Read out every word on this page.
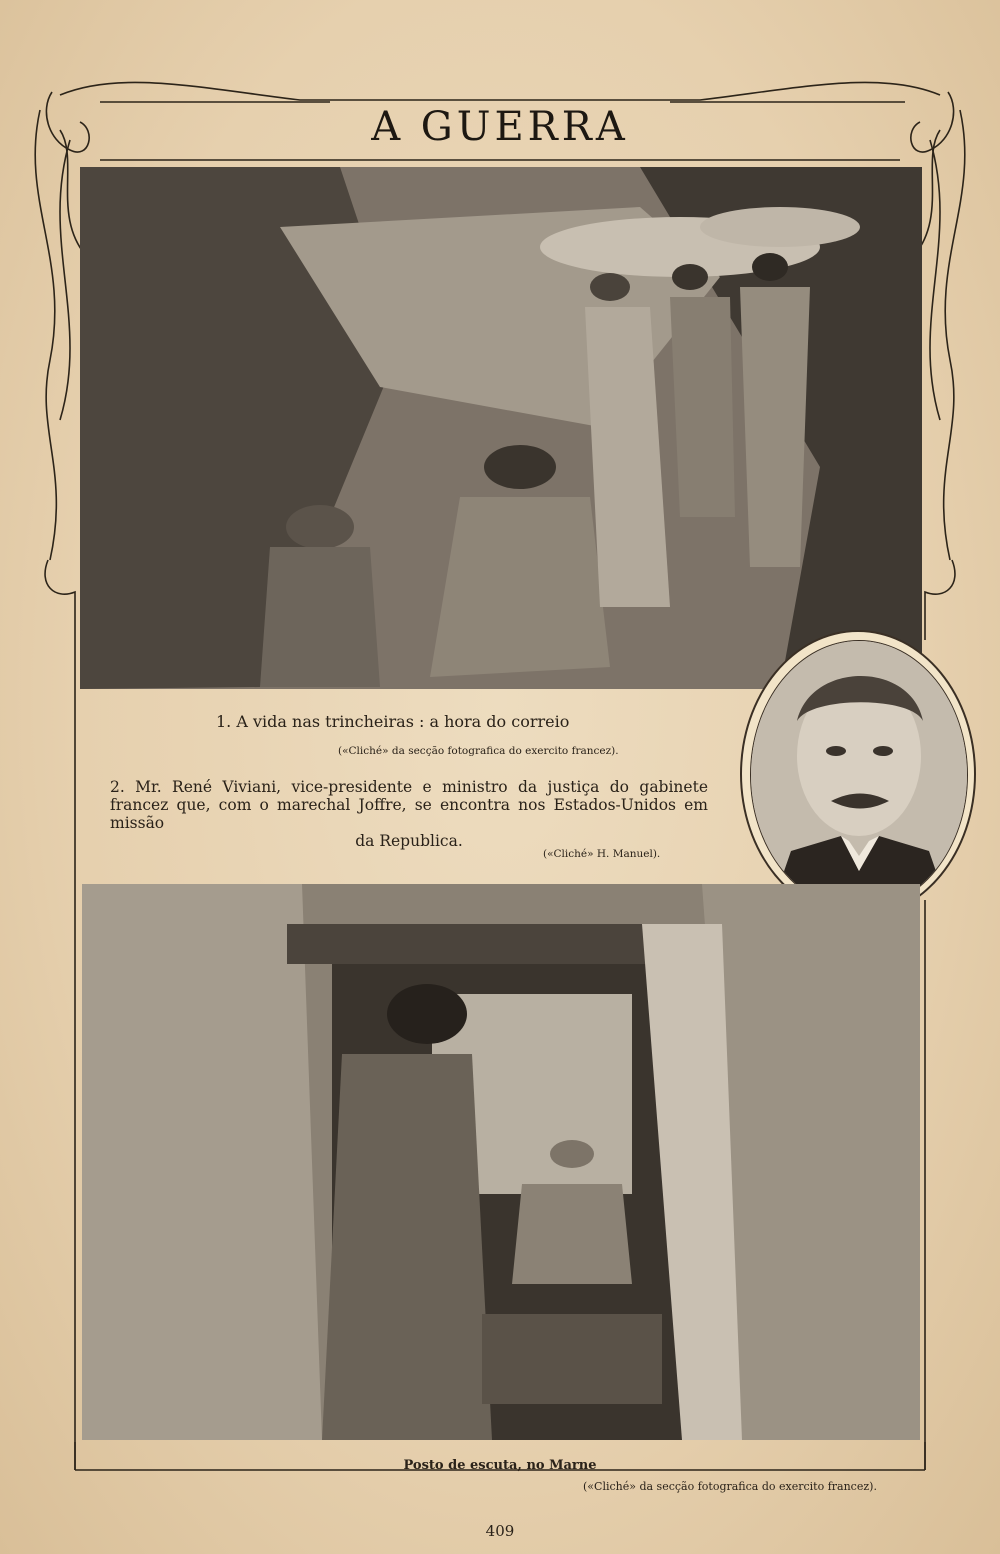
A GUERRA
1. A vida nas trincheiras : a hora do correio
(«Cliché» da secção fotografica do exercito francez).
2. Mr. René Viviani, vice-presidente e ministro da justiça do gabinete francez que, com o marechal Joffre, se encontra nos Estados-Unidos em missão
da Republica.
(«Cliché» H. Manuel).
Posto de escuta, no Marne
(«Cliché» da secção fotografica do exercito francez).
409
